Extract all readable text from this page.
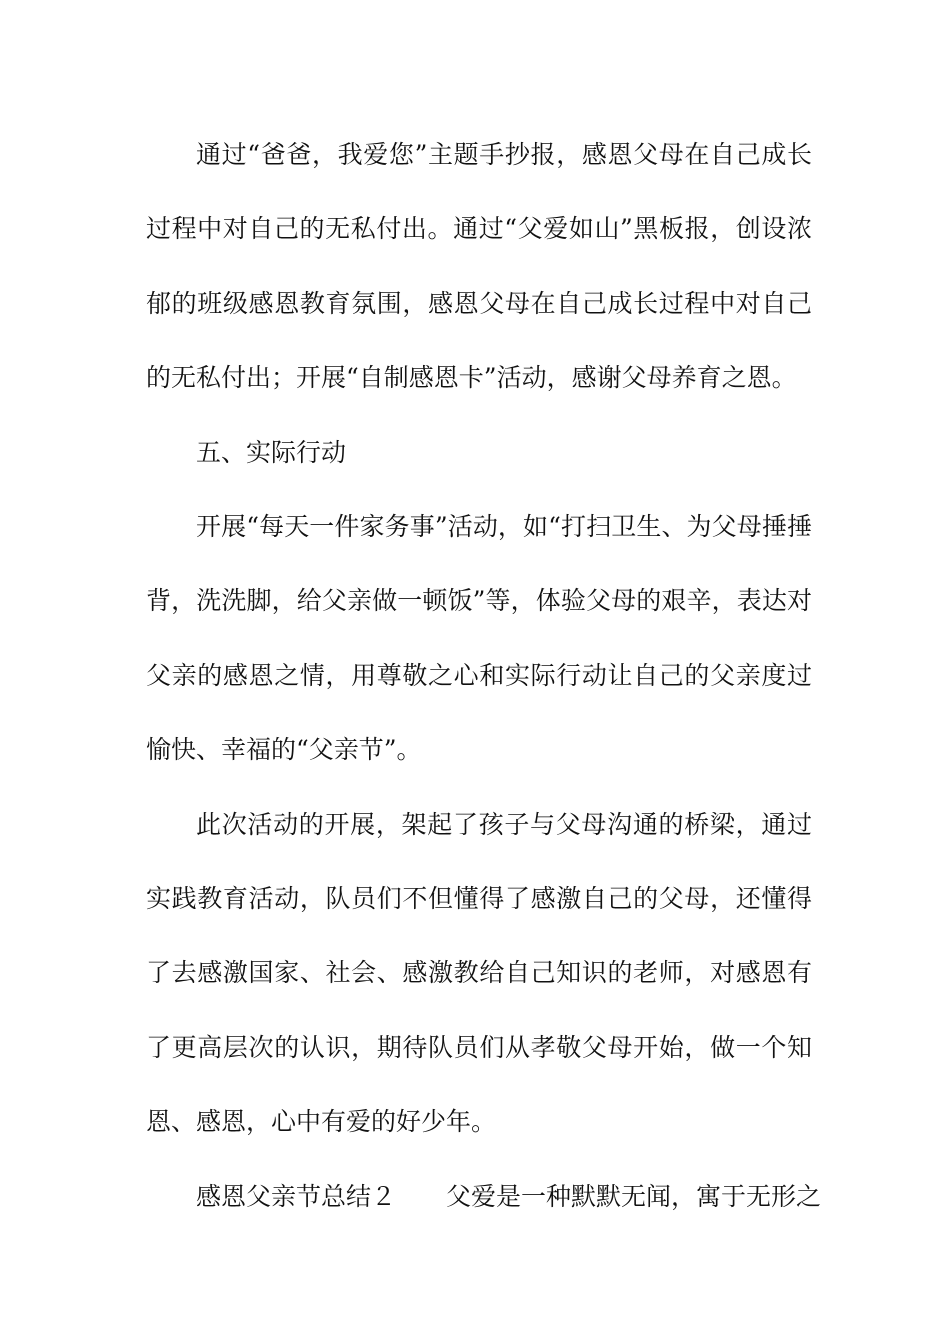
通过“爸爸，我爱您”主题手抄报，感恩父母在自己成长过程中对自己的无私付出。通过“父爱如山”黑板报，创设浓郁的班级感恩教育氛围，感恩父母在自己成长过程中对自己的无私付出；开展“自制感恩卡”活动，感谢父母养育之恩。

五、实际行动

开展“每天一件家务事”活动，如“打扫卫生、为父母捶捶背，洗洗脚，给父亲做一顿饭”等，体验父母的艰辛，表达对父亲的感恩之情，用尊敬之心和实际行动让自己的父亲度过愉快、幸福的“父亲节”。

此次活动的开展，架起了孩子与父母沟通的桥梁，通过实践教育活动，队员们不但懂得了感激自己的父母，还懂得了去感激国家、社会、感激教给自己知识的老师，对感恩有了更高层次的认识，期待队员们从孝敬父母开始，做一个知恩、感恩，心中有爱的好少年。

感恩父亲节总结２　　 父爱是一种默默无闻，寓于无形之
